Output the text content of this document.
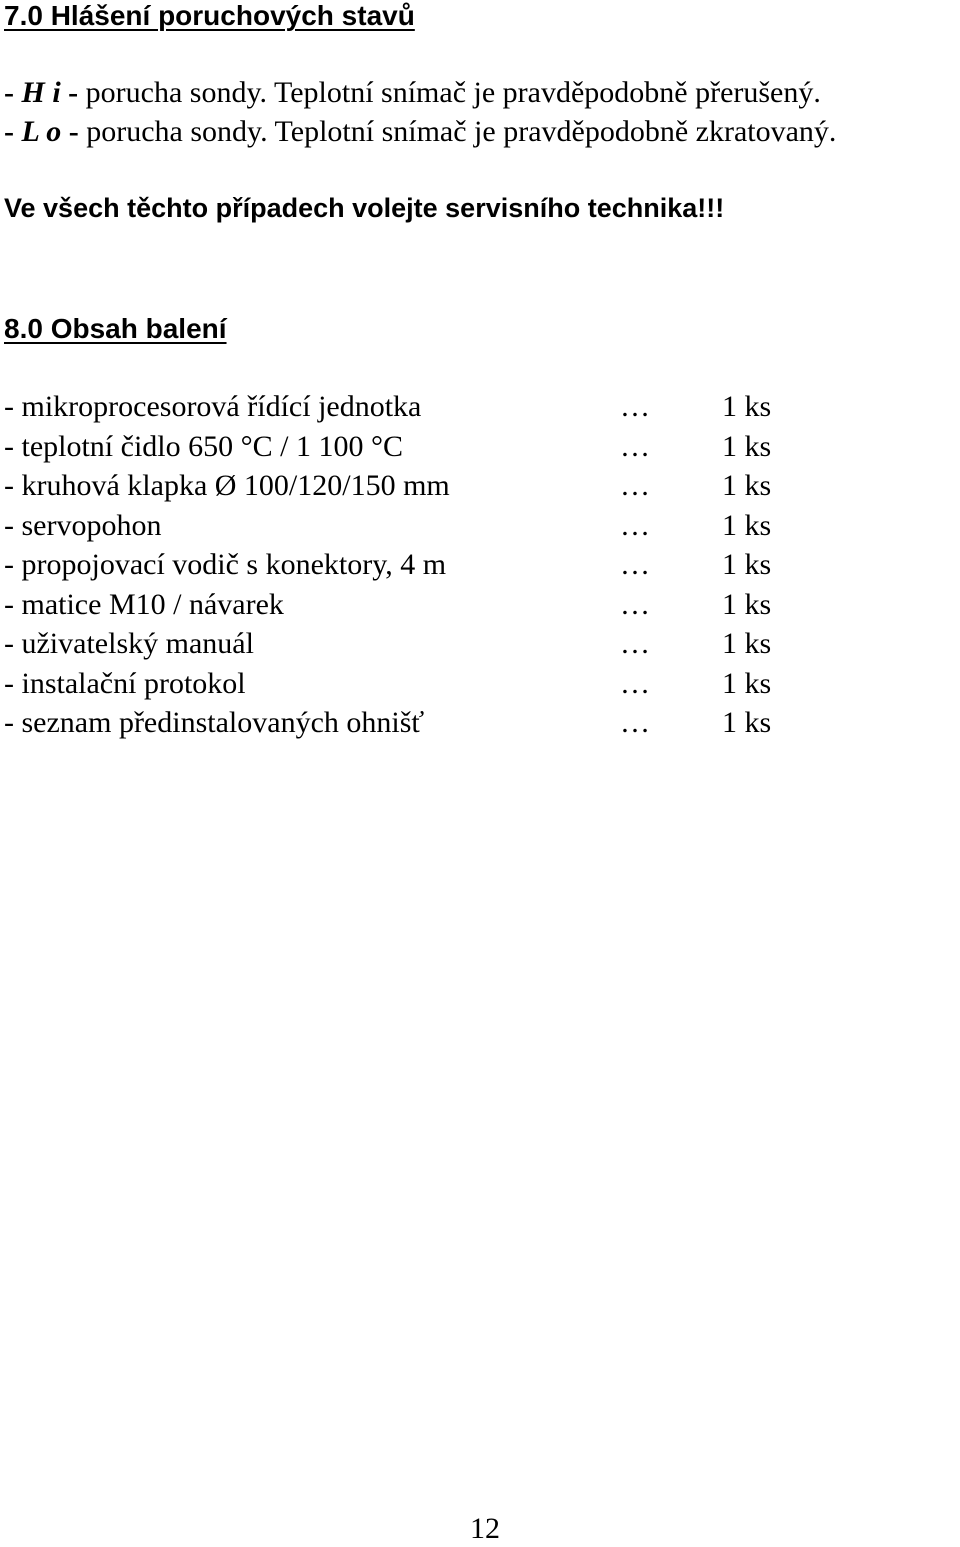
7.0 Hlášení poruchových stavů
- H i - porucha sondy. Teplotní snímač je pravděpodobně přerušený.
- L o - porucha sondy. Teplotní snímač je pravděpodobně zkratovaný.
Ve všech těchto případech volejte servisního technika!!!
8.0 Obsah balení
- mikroprocesorová řídící jednotka	… 1 ks
- teplotní čidlo 650 °C / 1 100 °C	… 1 ks
- kruhová klapka Ø 100/120/150 mm	… 1 ks
- servopohon	… 1 ks
- propojovací vodič s konektory, 4 m	… 1 ks
- matice M10 / návarek	… 1 ks
- uživatelský manuál	… 1 ks
- instalační protokol	… 1 ks
- seznam předinstalovaných ohnišť	… 1 ks
12
